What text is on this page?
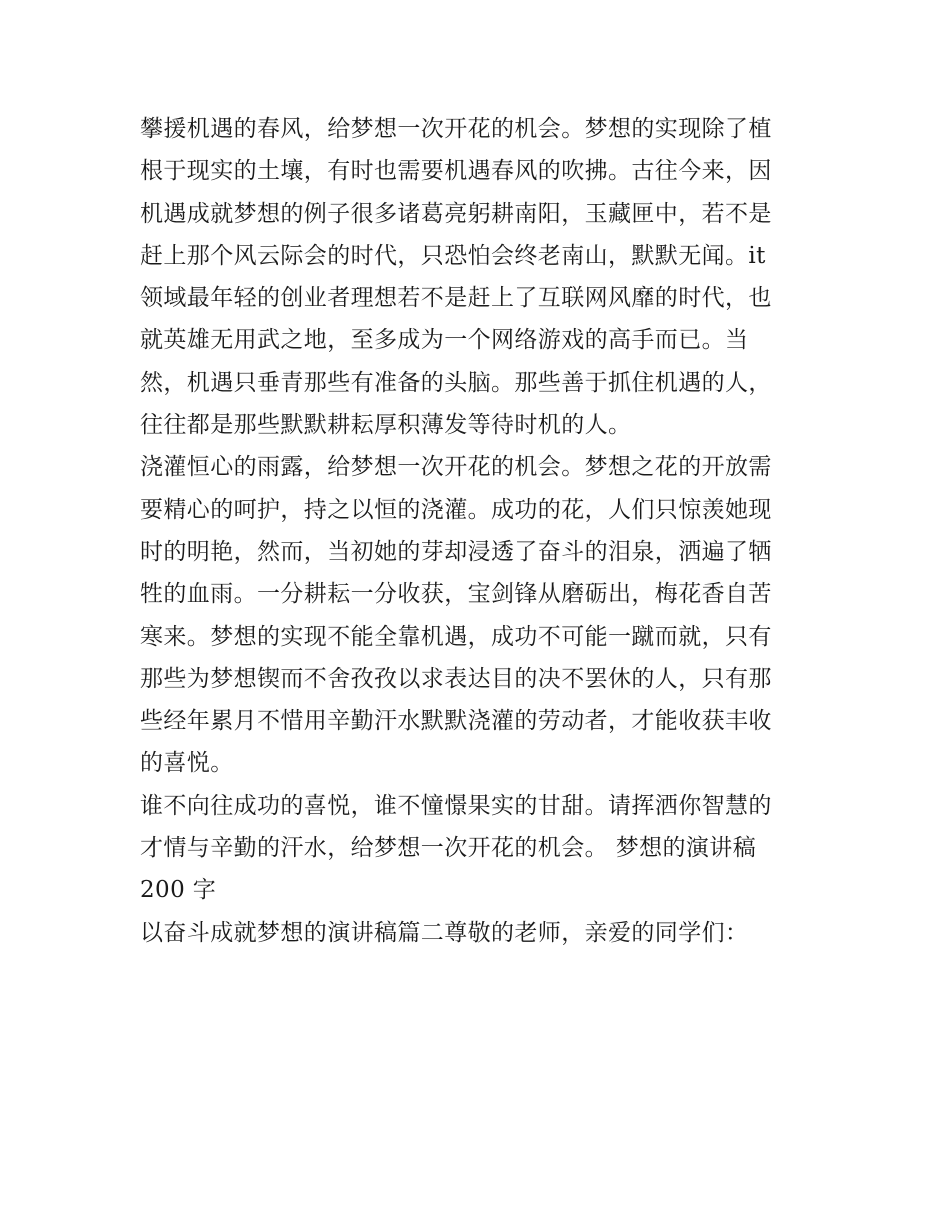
攀援机遇的春风，给梦想一次开花的机会。梦想的实现除了植
根于现实的土壤，有时也需要机遇春风的吹拂。古往今来，因
机遇成就梦想的例子很多诸葛亮躬耕南阳，玉藏匣中，若不是
赶上那个风云际会的时代，只恐怕会终老南山，默默无闻。it
领域最年轻的创业者理想若不是赶上了互联网风靡的时代，也
就英雄无用武之地，至多成为一个网络游戏的高手而已。当
然，机遇只垂青那些有准备的头脑。那些善于抓住机遇的人，
往往都是那些默默耕耘厚积薄发等待时机的人。
浇灌恒心的雨露，给梦想一次开花的机会。梦想之花的开放需
要精心的呵护，持之以恒的浇灌。成功的花，人们只惊羡她现
时的明艳，然而，当初她的芽却浸透了奋斗的泪泉，洒遍了牺
牲的血雨。一分耕耘一分收获，宝剑锋从磨砺出，梅花香自苦
寒来。梦想的实现不能全靠机遇，成功不可能一蹴而就，只有
那些为梦想锲而不舍孜孜以求表达目的决不罢休的人，只有那
些经年累月不惜用辛勤汗水默默浇灌的劳动者，才能收获丰收
的喜悦。
谁不向往成功的喜悦，谁不憧憬果实的甘甜。请挥洒你智慧的
才情与辛勤的汗水，给梦想一次开花的机会。 梦想的演讲稿
200 字
以奋斗成就梦想的演讲稿篇二尊敬的老师，亲爱的同学们：
